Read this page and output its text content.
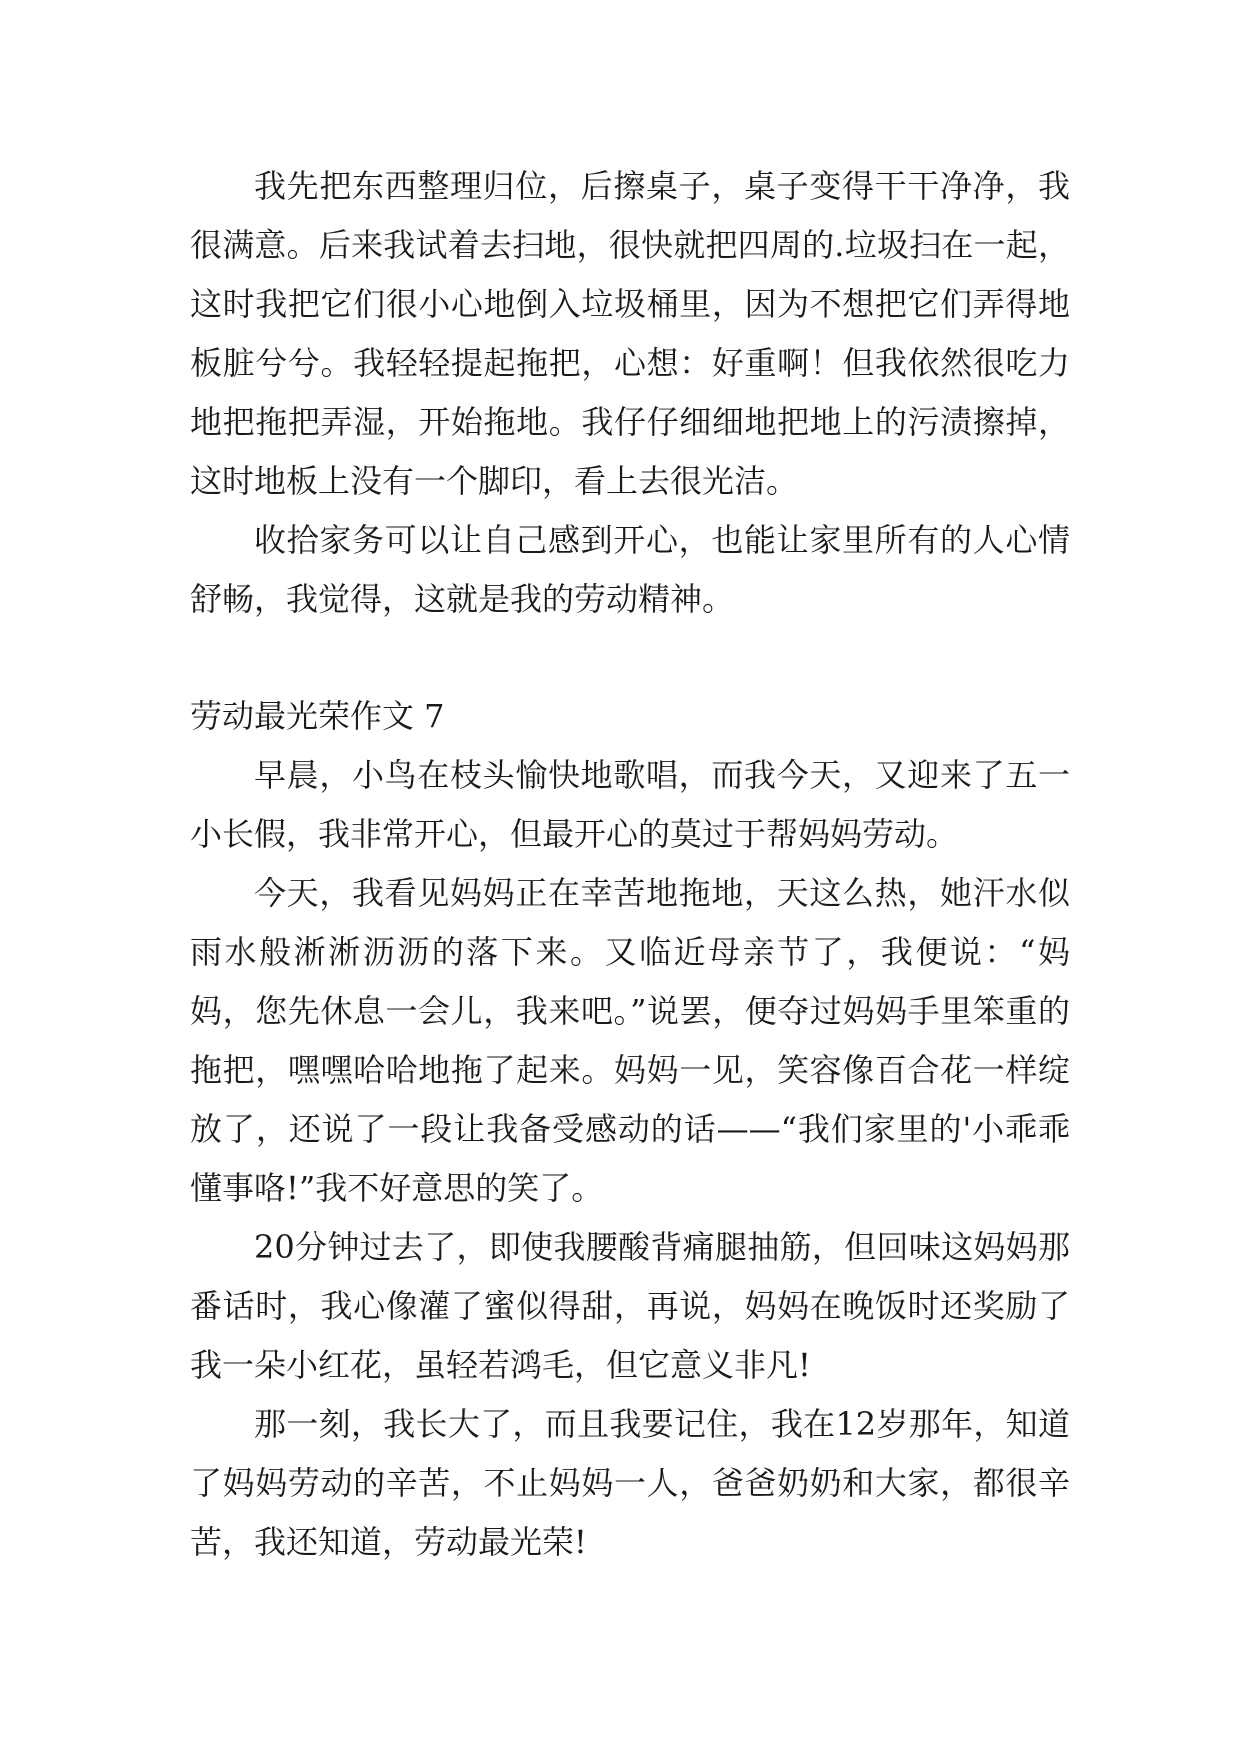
我先把东西整理归位，后擦桌子，桌子变得干干净净，我很满意。后来我试着去扫地，很快就把四周的.垃圾扫在一起，这时我把它们很小心地倒入垃圾桶里，因为不想把它们弄得地板脏兮兮。我轻轻提起拖把，心想：好重啊！但我依然很吃力地把拖把弄湿，开始拖地。我仔仔细细地把地上的污渍擦掉，这时地板上没有一个脚印，看上去很光洁。

收拾家务可以让自己感到开心，也能让家里所有的人心情舒畅，我觉得，这就是我的劳动精神。

劳动最光荣作文 7

早晨，小鸟在枝头愉快地歌唱，而我今天，又迎来了五一小长假，我非常开心，但最开心的莫过于帮妈妈劳动。

今天，我看见妈妈正在幸苦地拖地，天这么热，她汗水似雨水般淅淅沥沥的落下来。又临近母亲节了，我便说：“妈妈，您先休息一会儿，我来吧。”说罢，便夺过妈妈手里笨重的拖把，嘿嘿哈哈地拖了起来。妈妈一见，笑容像百合花一样绽放了，还说了一段让我备受感动的话——“我们家里的'小乖乖懂事咯!”我不好意思的笑了。

20分钟过去了，即使我腰酸背痛腿抽筋，但回味这妈妈那番话时，我心像灌了蜜似得甜，再说，妈妈在晚饭时还奖励了我一朵小红花，虽轻若鸿毛，但它意义非凡!

那一刻，我长大了，而且我要记住，我在12岁那年，知道了妈妈劳动的辛苦，不止妈妈一人，爸爸奶奶和大家，都很辛苦，我还知道，劳动最光荣!
